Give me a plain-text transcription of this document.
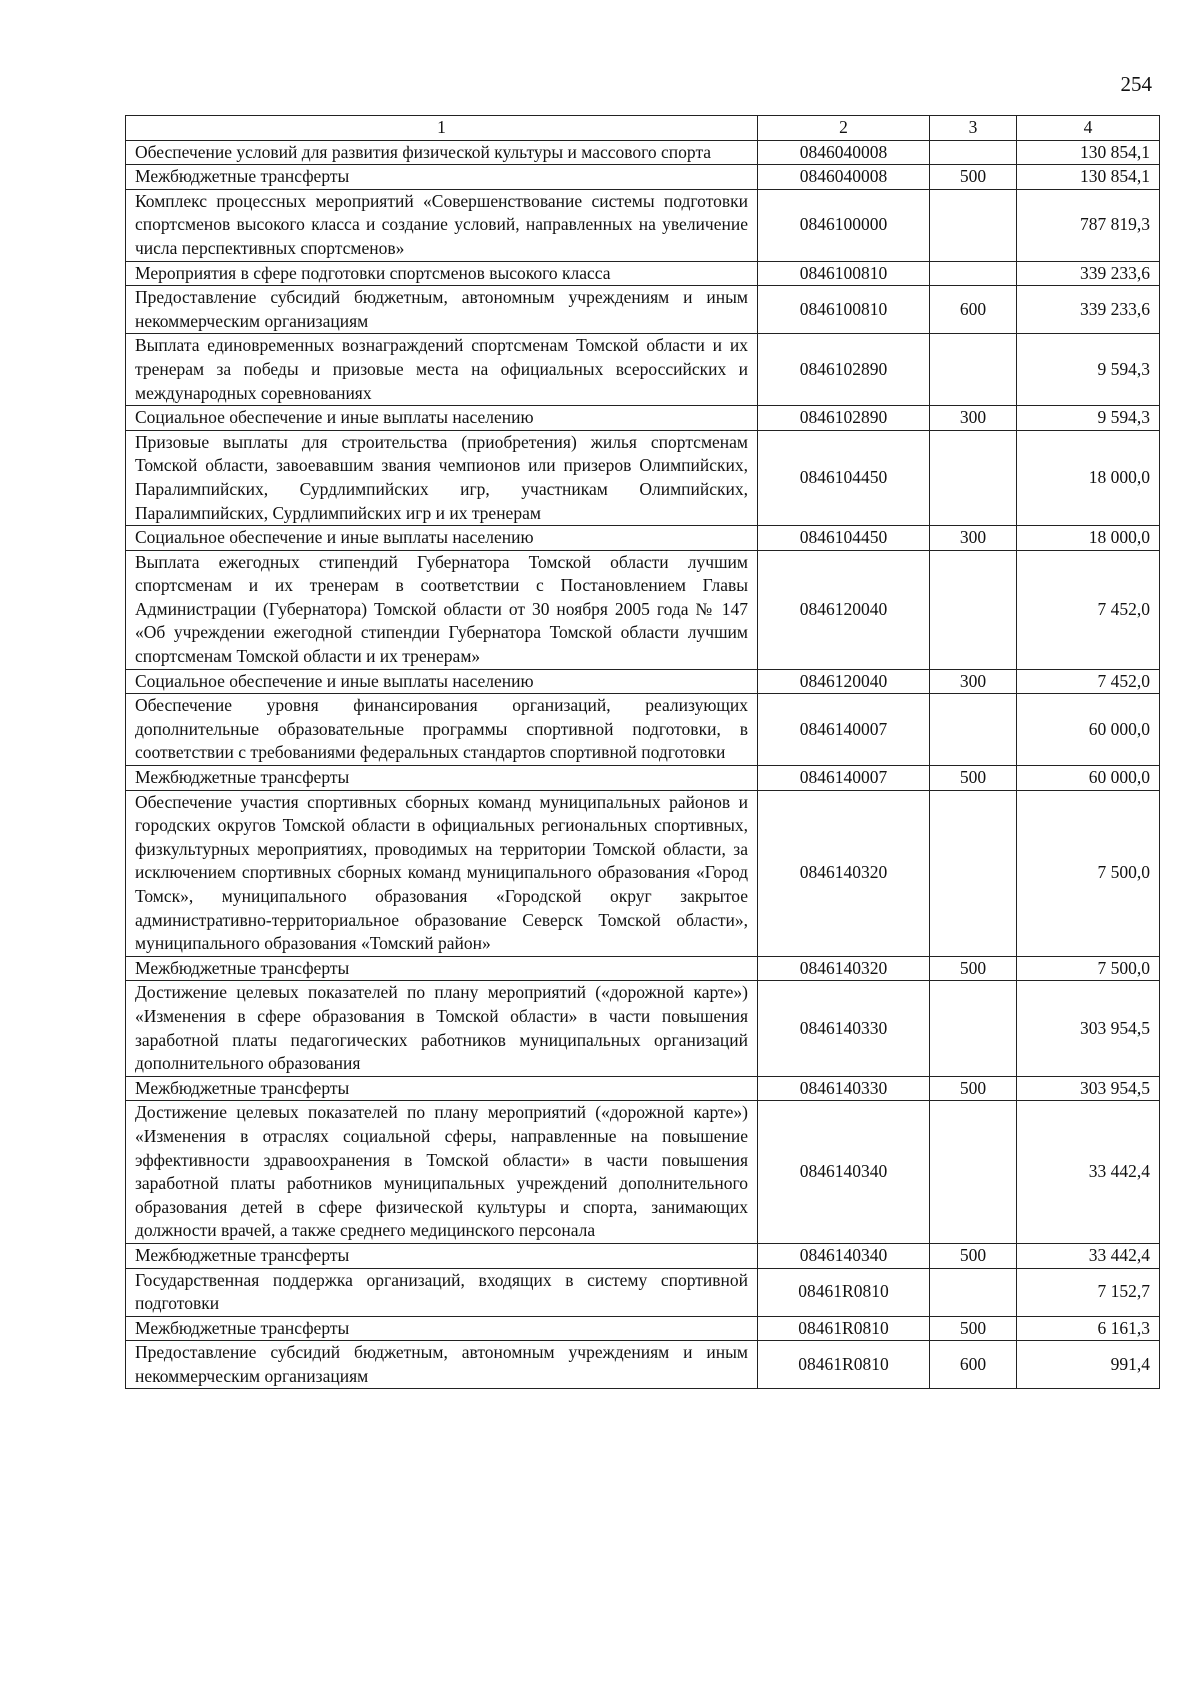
254
1	2	3	4
Обеспечение условий для развития физической культуры и массового спорта	0846040008		130 854,1
Межбюджетные трансферты	0846040008	500	130 854,1
Комплекс процессных мероприятий «Совершенствование системы подготовки спортсменов высокого класса и создание условий, направленных на увеличение числа перспективных спортсменов»	0846100000		787 819,3
Мероприятия в сфере подготовки спортсменов высокого класса	0846100810		339 233,6
Предоставление субсидий бюджетным, автономным учреждениям и иным некоммерческим организациям	0846100810	600	339 233,6
Выплата единовременных вознаграждений спортсменам Томской области и их тренерам за победы и призовые места на официальных всероссийских и международных соревнованиях	0846102890		9 594,3
Социальное обеспечение и иные выплаты населению	0846102890	300	9 594,3
Призовые выплаты для строительства (приобретения) жилья спортсменам Томской области, завоевавшим звания чемпионов или призеров Олимпийских, Паралимпийских, Сурдлимпийских игр, участникам Олимпийских, Паралимпийских, Сурдлимпийских игр и их тренерам	0846104450		18 000,0
Социальное обеспечение и иные выплаты населению	0846104450	300	18 000,0
Выплата ежегодных стипендий Губернатора Томской области лучшим спортсменам и их тренерам в соответствии с Постановлением Главы Администрации (Губернатора) Томской области от 30 ноября 2005 года № 147 «Об учреждении ежегодной стипендии Губернатора Томской области лучшим спортсменам Томской области и их тренерам»	0846120040		7 452,0
Социальное обеспечение и иные выплаты населению	0846120040	300	7 452,0
Обеспечение уровня финансирования организаций, реализующих дополнительные образовательные программы спортивной подготовки, в соответствии с требованиями федеральных стандартов спортивной подготовки	0846140007		60 000,0
Межбюджетные трансферты	0846140007	500	60 000,0
Обеспечение участия спортивных сборных команд муниципальных районов и городских округов Томской области в официальных региональных спортивных, физкультурных мероприятиях, проводимых на территории Томской области, за исключением спортивных сборных команд муниципального образования «Город Томск», муниципального образования «Городской округ закрытое административно-территориальное образование Северск Томской области», муниципального образования «Томский район»	0846140320		7 500,0
Межбюджетные трансферты	0846140320	500	7 500,0
Достижение целевых показателей по плану мероприятий («дорожной карте») «Изменения в сфере образования в Томской области» в части повышения заработной платы педагогических работников муниципальных организаций дополнительного образования	0846140330		303 954,5
Межбюджетные трансферты	0846140330	500	303 954,5
Достижение целевых показателей по плану мероприятий («дорожной карте») «Изменения в отраслях социальной сферы, направленные на повышение эффективности здравоохранения в Томской области» в части повышения заработной платы работников муниципальных учреждений дополнительного образования детей в сфере физической культуры и спорта, занимающих должности врачей, а также среднего медицинского персонала	0846140340		33 442,4
Межбюджетные трансферты	0846140340	500	33 442,4
Государственная поддержка организаций, входящих в систему спортивной подготовки	08461R0810		7 152,7
Межбюджетные трансферты	08461R0810	500	6 161,3
Предоставление субсидий бюджетным, автономным учреждениям и иным некоммерческим организациям	08461R0810	600	991,4
